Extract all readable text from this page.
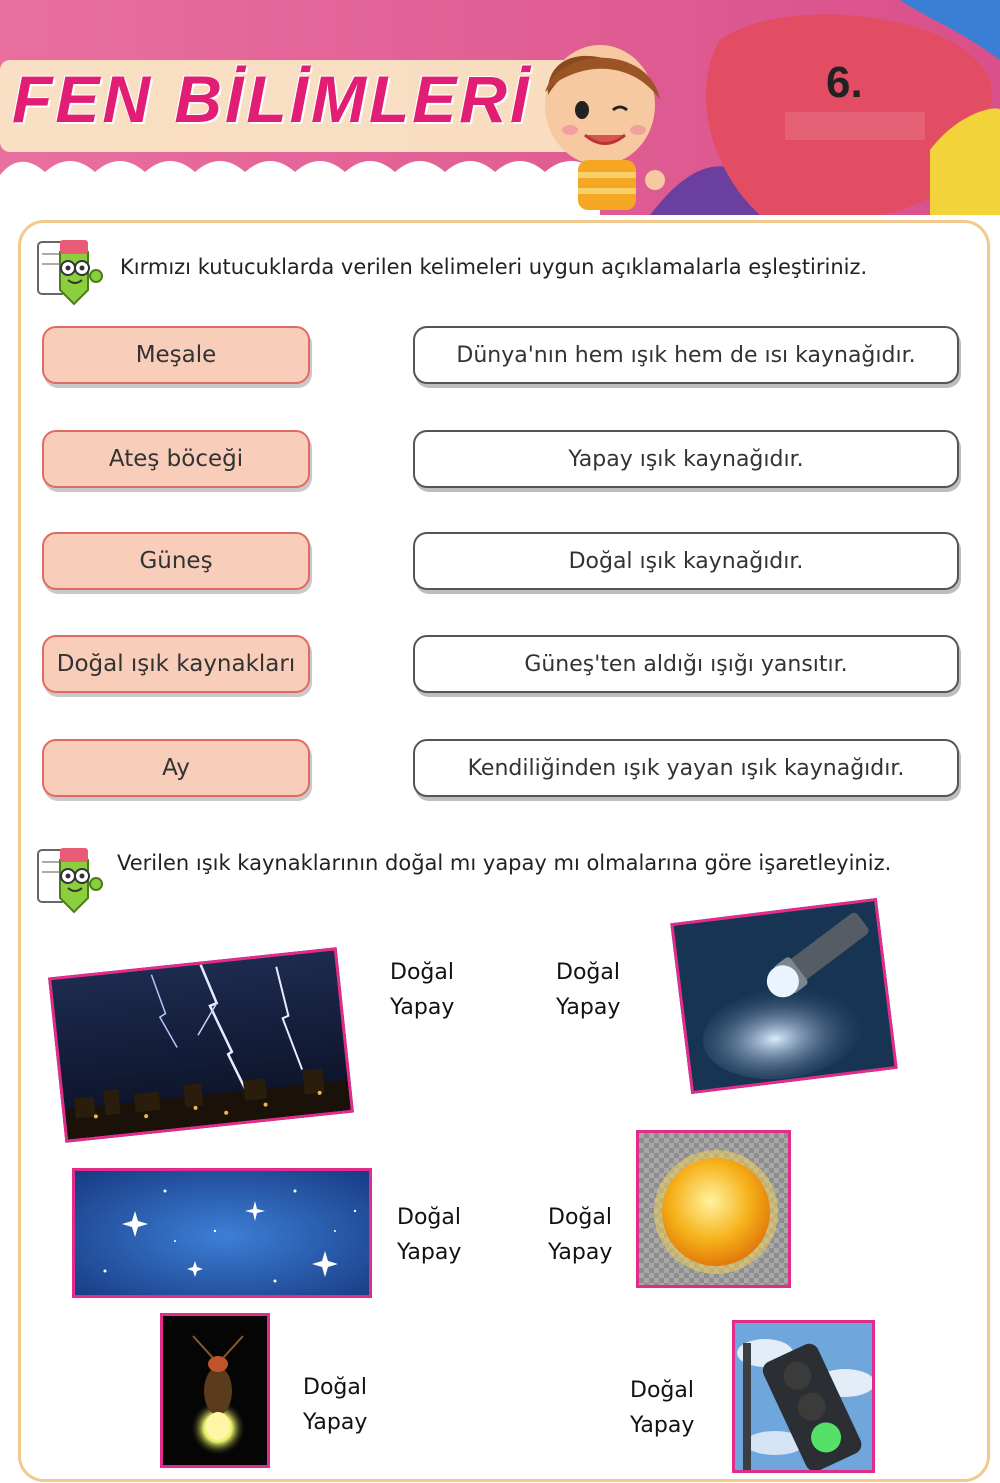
FEN BİLİMLERİ	6.
Kırmızı kutucuklarda verilen kelimeleri uygun açıklamalarla eşleştiriniz.
Meşale
Ateş böceği
Güneş
Doğal ışık kaynakları
Ay
Dünya'nın hem ışık hem de ısı kaynağıdır.
Yapay ışık kaynağıdır.
Doğal ışık kaynağıdır.
Güneş'ten aldığı ışığı yansıtır.
Kendiliğinden ışık yayan ışık kaynağıdır.
Verilen ışık kaynaklarının doğal mı yapay mı olmalarına göre işaretleyiniz.
Doğal
Yapay
Doğal
Yapay
Doğal
Yapay
Doğal
Yapay
Doğal
Yapay
Doğal
Yapay
